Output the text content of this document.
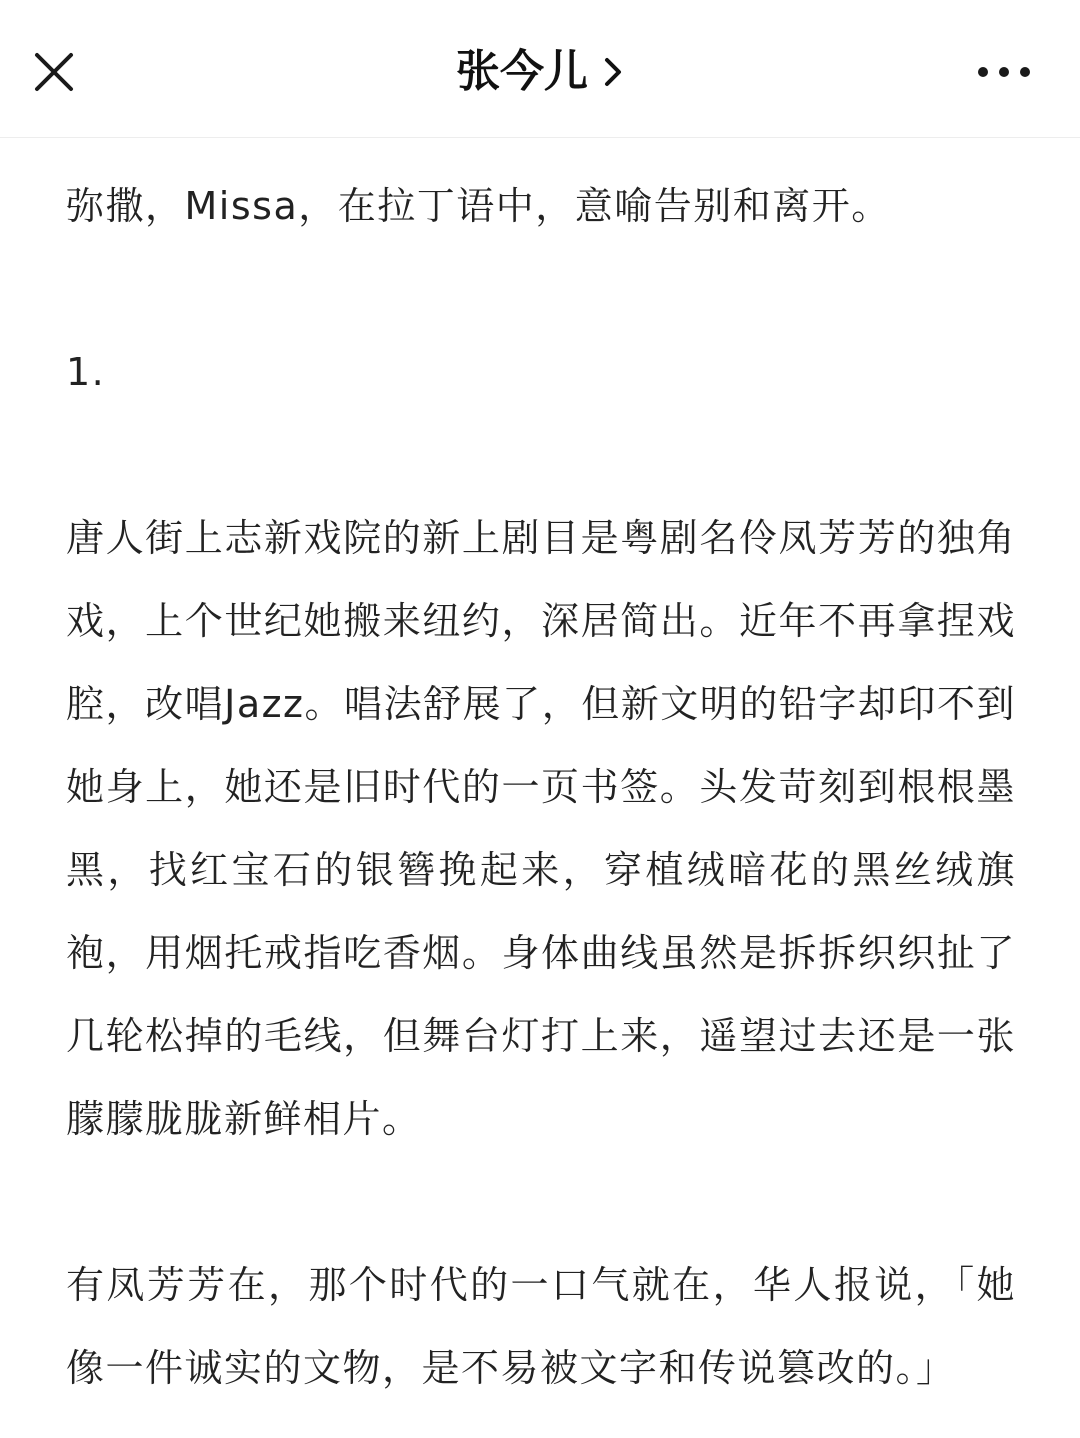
张今儿

弥撒，Missa，在拉丁语中，意喻告别和离开。

1.

唐人街上志新戏院的新上剧目是粤剧名伶凤芳芳的独角戏，上个世纪她搬来纽约，深居简出。近年不再拿捏戏腔，改唱Jazz。唱法舒展了，但新文明的铅字却印不到她身上，她还是旧时代的一页书签。头发苛刻到根根墨黑，找红宝石的银簪挽起来，穿植绒暗花的黑丝绒旗袍，用烟托戒指吃香烟。身体曲线虽然是拆拆织织扯了几轮松掉的毛线，但舞台灯打上来，遥望过去还是一张朦朦胧胧新鲜相片。

有凤芳芳在，那个时代的一口气就在，华人报说，「她像一件诚实的文物，是不易被文字和传说篡改的。」
